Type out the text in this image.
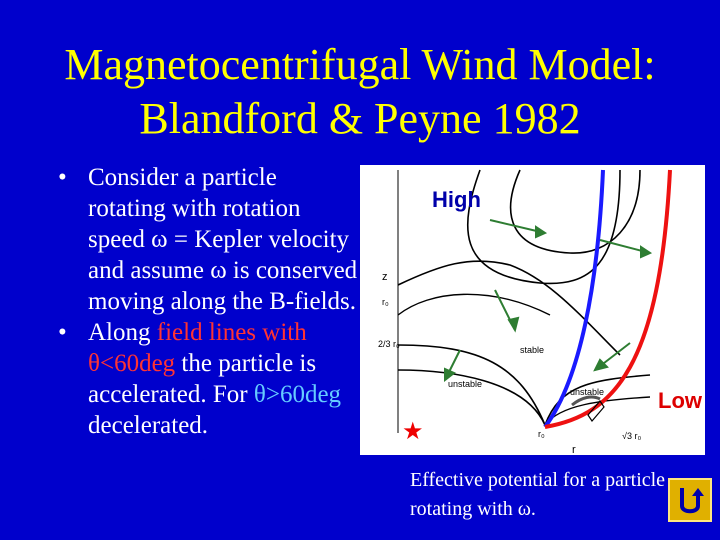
Magnetocentrifugal Wind Model:
Blandford & Peyne 1982
• Consider a particle rotating with rotation speed ω = Kepler velocity and assume ω is conserved moving along the B-fields.
• Along field lines with θ<60deg the particle is accelerated. For θ>60deg decelerated.
High
z
r₀
2/3 r₀
stable
unstable
unstable
r₀
r
√3 r₀
Low
★
Effective potential for a particle rotating with ω.
